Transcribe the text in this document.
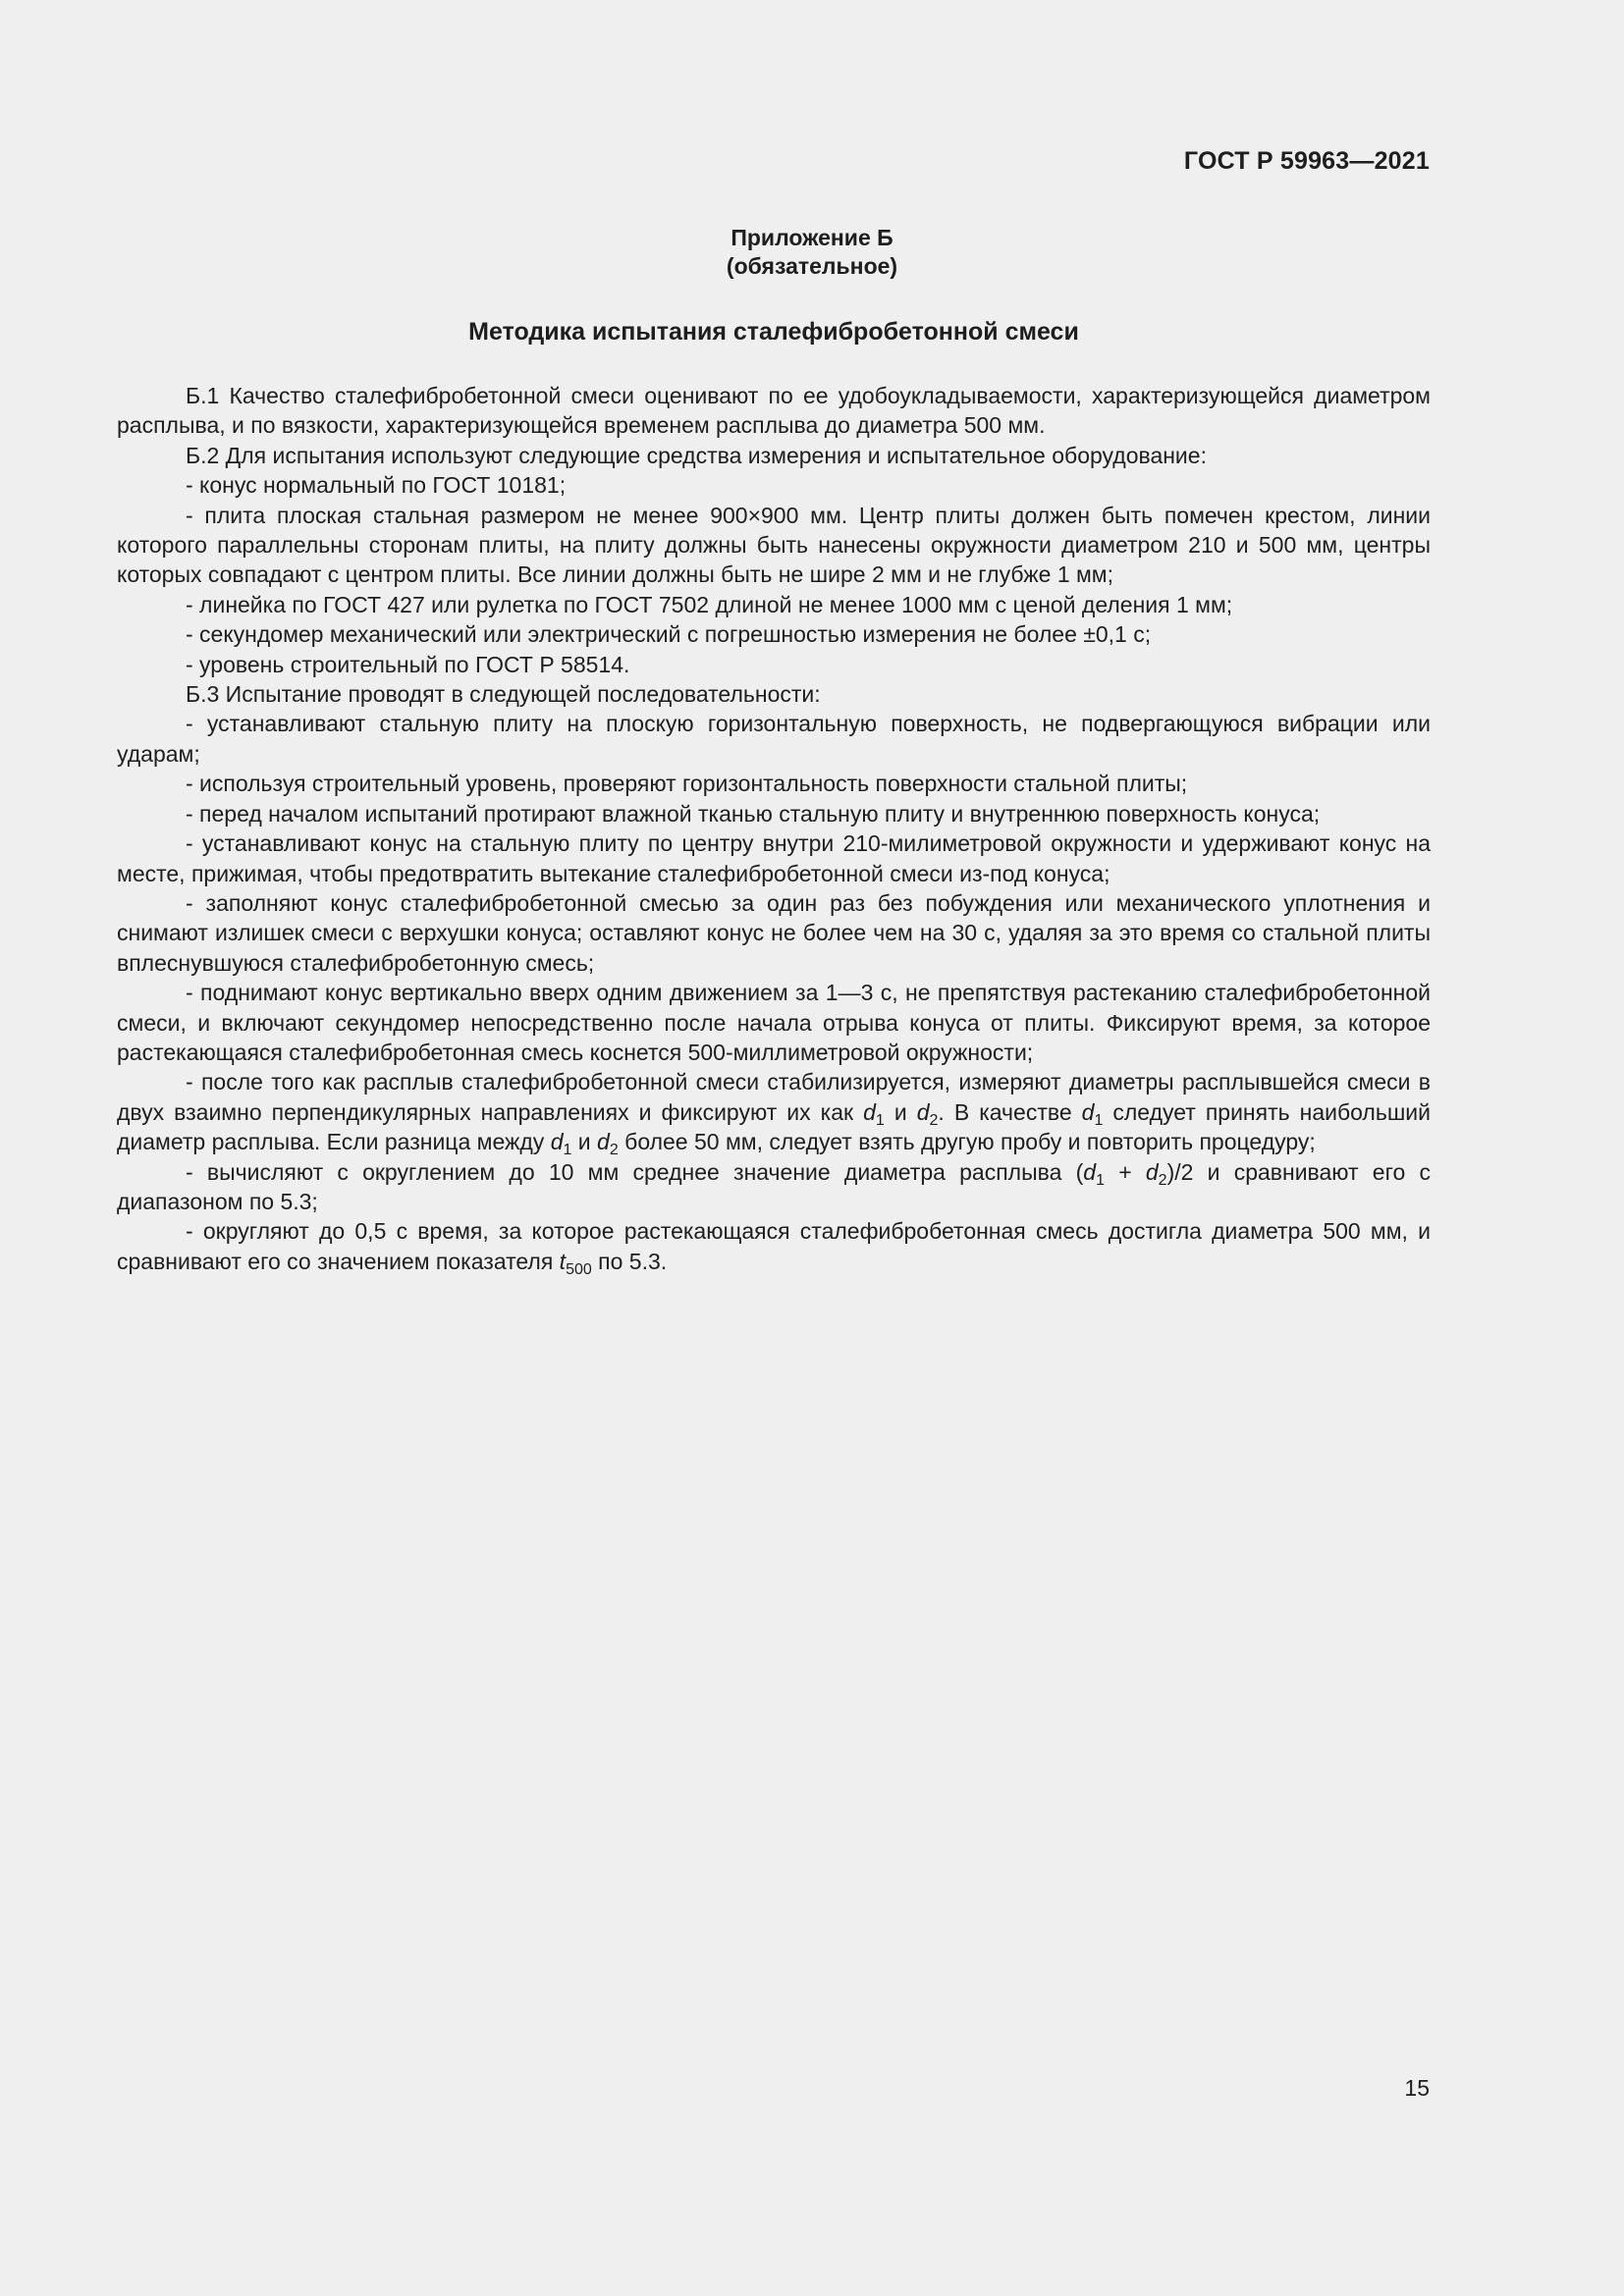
ГОСТ Р 59963—2021
Приложение Б
(обязательное)
Методика испытания сталефибробетонной смеси

Б.1 Качество сталефибробетонной смеси оценивают по ее удобоукладываемости, характеризующейся диаметром расплыва, и по вязкости, характеризующейся временем расплыва до диаметра 500 мм.

Б.2 Для испытания используют следующие средства измерения и испытательное оборудование:

- конус нормальный по ГОСТ 10181;

- плита плоская стальная размером не менее 900×900 мм. Центр плиты должен быть помечен крестом, линии которого параллельны сторонам плиты, на плиту должны быть нанесены окружности диаметром 210 и 500 мм, центры которых совпадают с центром плиты. Все линии должны быть не шире 2 мм и не глубже 1 мм;

- линейка по ГОСТ 427 или рулетка по ГОСТ 7502 длиной не менее 1000 мм с ценой деления 1 мм;

- секундомер механический или электрический с погрешностью измерения не более ±0,1 с;

- уровень строительный по ГОСТ Р 58514.

Б.3 Испытание проводят в следующей последовательности:

- устанавливают стальную плиту на плоскую горизонтальную поверхность, не подвергающуюся вибрации или ударам;

- используя строительный уровень, проверяют горизонтальность поверхности стальной плиты;

- перед началом испытаний протирают влажной тканью стальную плиту и внутреннюю поверхность конуса;

- устанавливают конус на стальную плиту по центру внутри 210-милиметровой окружности и удерживают конус на месте, прижимая, чтобы предотвратить вытекание сталефибробетонной смеси из-под конуса;

- заполняют конус сталефибробетонной смесью за один раз без побуждения или механического уплотнения и снимают излишек смеси с верхушки конуса; оставляют конус не более чем на 30 с, удаляя за это время со стальной плиты вплеснувшуюся сталефибробетонную смесь;

- поднимают конус вертикально вверх одним движением за 1—3 с, не препятствуя растеканию сталефибробетонной смеси, и включают секундомер непосредственно после начала отрыва конуса от плиты. Фиксируют время, за которое растекающаяся сталефибробетонная смесь коснется 500-миллиметровой окружности;

- после того как расплыв сталефибробетонной смеси стабилизируется, измеряют диаметры расплывшейся смеси в двух взаимно перпендикулярных направлениях и фиксируют их как $d_1$ и $d_2$. В качестве $d_1$ следует принять наибольший диаметр расплыва. Если разница между $d_1$ и $d_2$ более 50 мм, следует взять другую пробу и повторить процедуру;

- вычисляют с округлением до 10 мм среднее значение диаметра расплыва $(d_1 + d_2)/2$ и сравнивают его с диапазоном по 5.3;

- округляют до 0,5 с время, за которое растекающаяся сталефибробетонная смесь достигла диаметра 500 мм, и сравнивают его со значением показателя $t_{500}$ по 5.3.

15
